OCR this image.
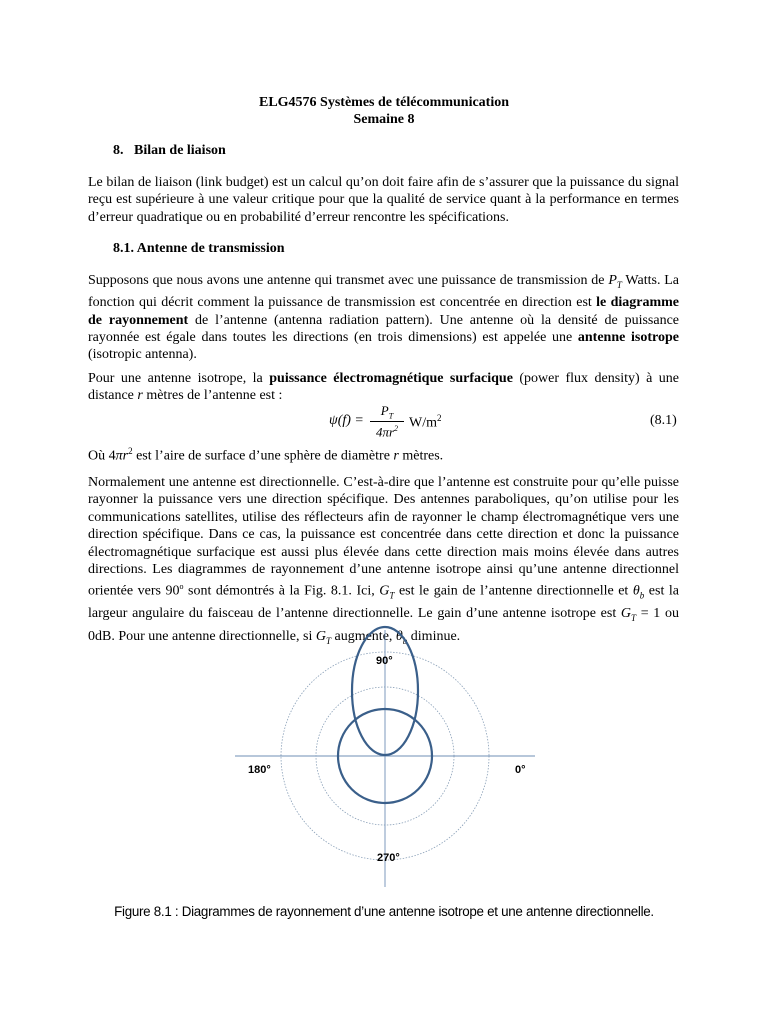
ELG4576 Systèmes de télécommunication
Semaine 8
8. Bilan de liaison

Le bilan de liaison (link budget) est un calcul qu’on doit faire afin de s’assurer que la puissance du signal reçu est supérieure à une valeur critique pour que la qualité de service quant à la performance en termes d’erreur quadratique ou en probabilité d’erreur rencontre les spécifications.

8.1. Antenne de transmission

Supposons que nous avons une antenne qui transmet avec une puissance de transmission de $P_T$ Watts. La fonction qui décrit comment la puissance de transmission est concentrée en direction est le diagramme de rayonnement de l’antenne (antenna radiation pattern). Une antenne où la densité de puissance rayonnée est égale dans toutes les directions (en trois dimensions) est appelée une antenne isotrope (isotropic antenna).

Pour une antenne isotrope, la puissance électromagnétique surfacique (power flux density) à une distance r mètres de l’antenne est :

ψ(f) =
$P_T$
$4\pi r^2$ $W/m^2$	(8.1)

Où $4\pi r^2$ est l’aire de surface d’une sphère de diamètre r mètres.

Normalement une antenne est directionnelle. C’est-à-dire que l’antenne est construite pour qu’elle puisse rayonner la puissance vers une direction spécifique. Des antennes paraboliques, qu’on utilise pour les communications satellites, utilise des réflecteurs afin de rayonner le champ électromagnétique vers une direction spécifique. Dans ce cas, la puissance est concentrée dans cette direction et donc la puissance électromagnétique surfacique est aussi plus élevée dans cette direction mais moins élevée dans autres directions. Les diagrammes de rayonnement d’une antenne isotrope ainsi qu’une antenne directionnel orientée vers 90$^o$ sont démontrés à la Fig. 8.1. Ici, $G_T$ est le gain de l’antenne directionnelle et $\theta_b$ est la largeur angulaire du faisceau de l’antenne directionnelle. Le gain d’une antenne isotrope est $G_T = 1$ ou 0dB. Pour une antenne directionnelle, si $G_T$ augmente, $\theta_b$ diminue.

90°
180°	0°
270°
Figure 8.1 : Diagrammes de rayonnement d’une antenne isotrope et une antenne directionnelle.
